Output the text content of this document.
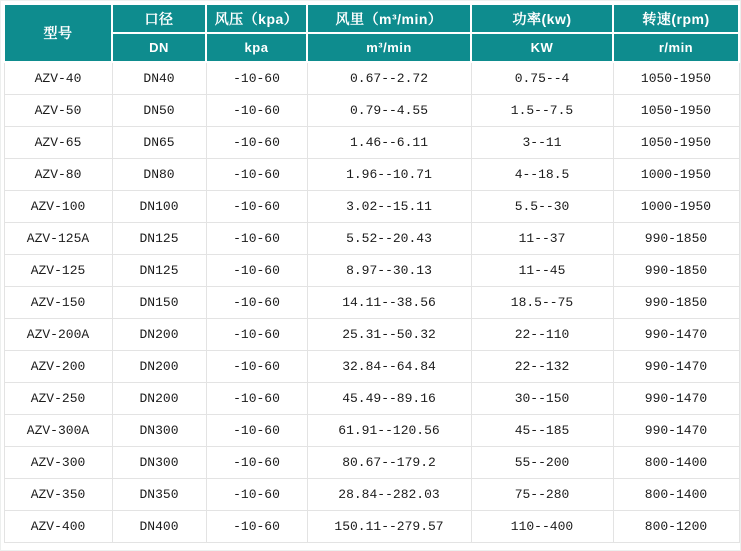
型号	口径	风压（kpa）	风里（m³/min）	功率(kw)	转速(rpm)
	DN	kpa	m³/min	KW	r/min
AZV-40	DN40	-10-60	0.67--2.72	0.75--4	1050-1950
AZV-50	DN50	-10-60	0.79--4.55	1.5--7.5	1050-1950
AZV-65	DN65	-10-60	1.46--6.11	3--11	1050-1950
AZV-80	DN80	-10-60	1.96--10.71	4--18.5	1000-1950
AZV-100	DN100	-10-60	3.02--15.11	5.5--30	1000-1950
AZV-125A	DN125	-10-60	5.52--20.43	11--37	990-1850
AZV-125	DN125	-10-60	8.97--30.13	11--45	990-1850
AZV-150	DN150	-10-60	14.11--38.56	18.5--75	990-1850
AZV-200A	DN200	-10-60	25.31--50.32	22--110	990-1470
AZV-200	DN200	-10-60	32.84--64.84	22--132	990-1470
AZV-250	DN200	-10-60	45.49--89.16	30--150	990-1470
AZV-300A	DN300	-10-60	61.91--120.56	45--185	990-1470
AZV-300	DN300	-10-60	80.67--179.2	55--200	800-1400
AZV-350	DN350	-10-60	28.84--282.03	75--280	800-1400
AZV-400	DN400	-10-60	150.11--279.57	110--400	800-1200
